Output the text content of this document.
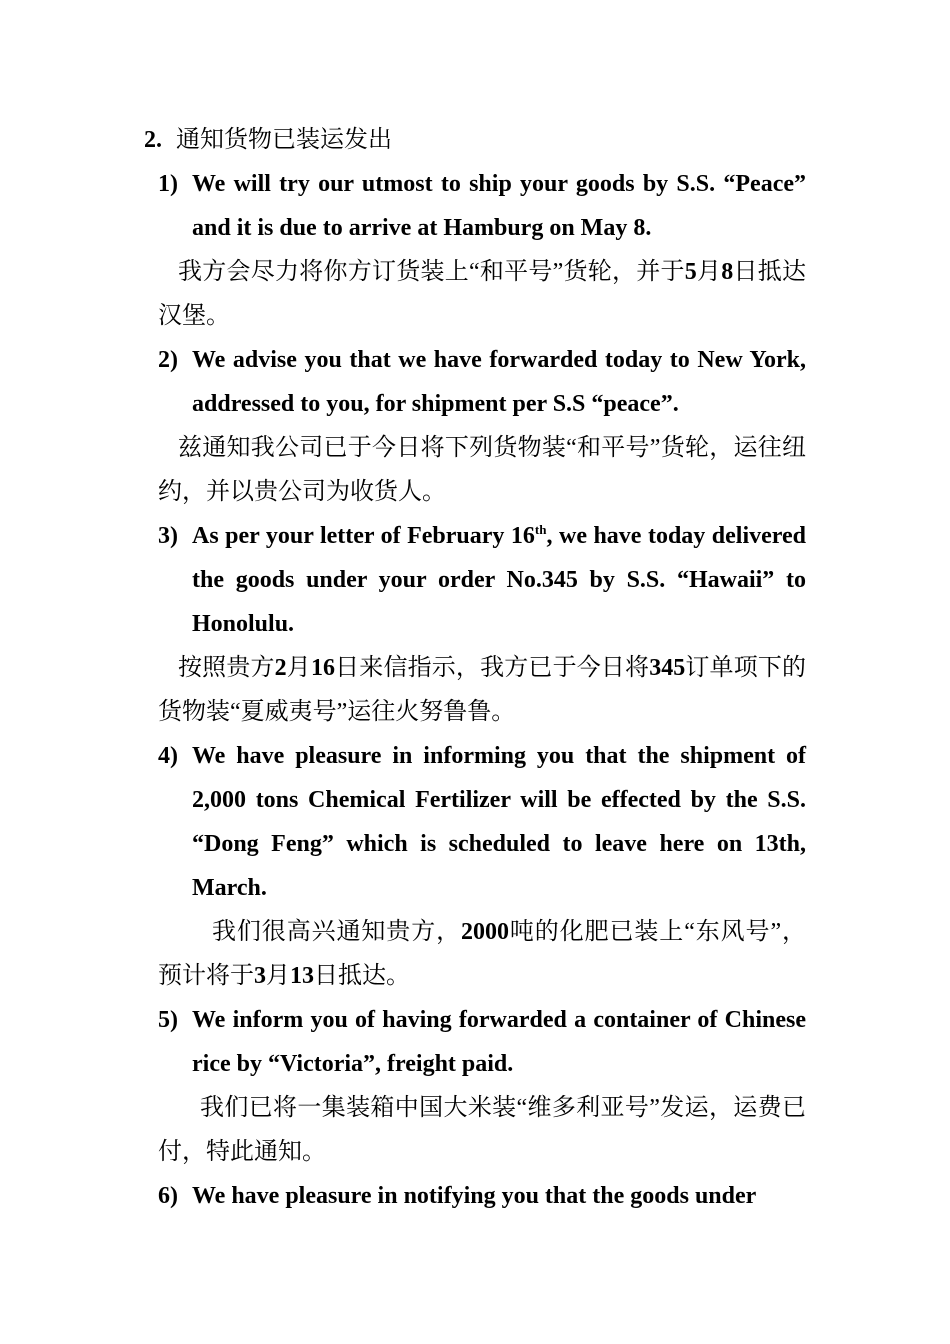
2. 通知货物已装运发出
1) We will try our utmost to ship your goods by S.S. “Peace” and it is due to arrive at Hamburg on May 8.
我方会尽力将你方订货装上“和平号”货轮，并于5月8日抵达汉堡。
2) We advise you that we have forwarded today to New York, addressed to you, for shipment per S.S “peace”.
兹通知我公司已于今日将下列货物装“和平号”货轮，运往纽约，并以贵公司为收货人。
3) As per your letter of February 16th, we have today delivered the goods under your order No.345 by S.S. “Hawaii” to Honolulu.
按照贵方2月16日来信指示，我方已于今日将345订单项下的货物装“夏威夷号”运往火努鲁鲁。
4) We have pleasure in informing you that the shipment of 2,000 tons Chemical Fertilizer will be effected by the S.S. “Dong Feng” which is scheduled to leave here on 13th, March.
我们很高兴通知贵方，2000吨的化肥已装上“东风号”，预计将于3月13日抵达。
5) We inform you of having forwarded a container of Chinese rice by “Victoria”, freight paid.
我们已将一集装箱中国大米装“维多利亚号”发运，运费已付，特此通知。
6) We have pleasure in notifying you that the goods under
